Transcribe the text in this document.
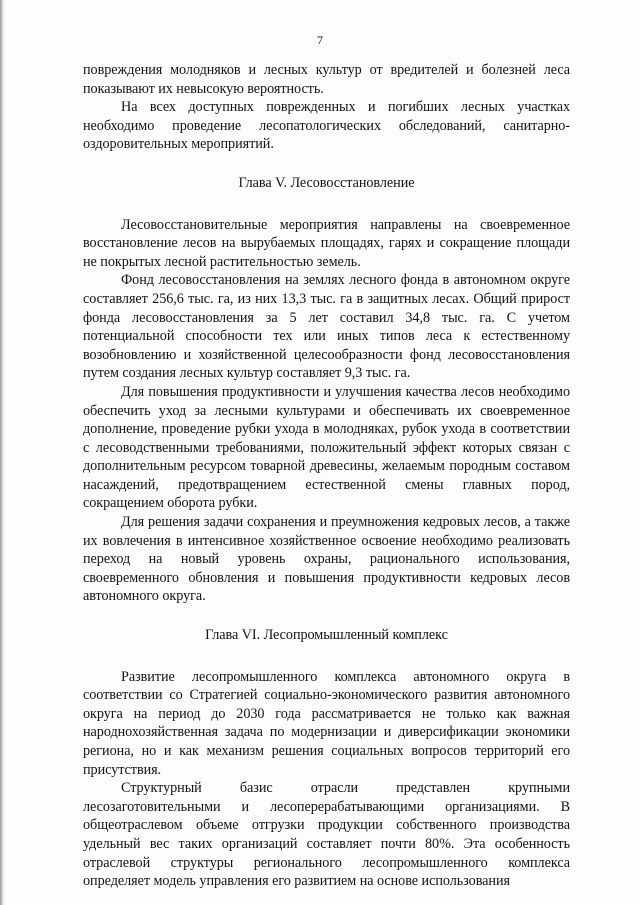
7

повреждения молодняков и лесных культур от вредителей и болезней леса показывают их невысокую вероятность.

На всех доступных поврежденных и погибших лесных участках необходимо проведение лесопатологических обследований, санитарно-оздоровительных мероприятий.

Глава V. Лесовосстановление

Лесовосстановительные мероприятия направлены на своевременное восстановление лесов на вырубаемых площадях, гарях и сокращение площади не покрытых лесной растительностью земель.

Фонд лесовосстановления на землях лесного фонда в автономном округе составляет 256,6 тыс. га, из них 13,3 тыс. га в защитных лесах. Общий прирост фонда лесовосстановления за 5 лет составил 34,8 тыс. га. С учетом потенциальной способности тех или иных типов леса к естественному возобновлению и хозяйственной целесообразности фонд лесовосстановления путем создания лесных культур составляет 9,3 тыс. га.

Для повышения продуктивности и улучшения качества лесов необходимо обеспечить уход за лесными культурами и обеспечивать их своевременное дополнение, проведение рубки ухода в молодняках, рубок ухода в соответствии с лесоводственными требованиями, положительный эффект которых связан с дополнительным ресурсом товарной древесины, желаемым породным составом насаждений, предотвращением естественной смены главных пород, сокращением оборота рубки.

Для решения задачи сохранения и преумножения кедровых лесов, а также их вовлечения в интенсивное хозяйственное освоение необходимо реализовать переход на новый уровень охраны, рационального использования, своевременного обновления и повышения продуктивности кедровых лесов автономного округа.

Глава VI. Лесопромышленный комплекс

Развитие лесопромышленного комплекса автономного округа в соответствии со Стратегией социально-экономического развития автономного округа на период до 2030 года рассматривается не только как важная народнохозяйственная задача по модернизации и диверсификации экономики региона, но и как механизм решения социальных вопросов территорий его присутствия.

Структурный базис отрасли представлен крупными лесозаготовительными и лесоперерабатывающими организациями. В общеотраслевом объеме отгрузки продукции собственного производства удельный вес таких организаций составляет почти 80%. Эта особенность отраслевой структуры регионального лесопромышленного комплекса определяет модель управления его развитием на основе использования
